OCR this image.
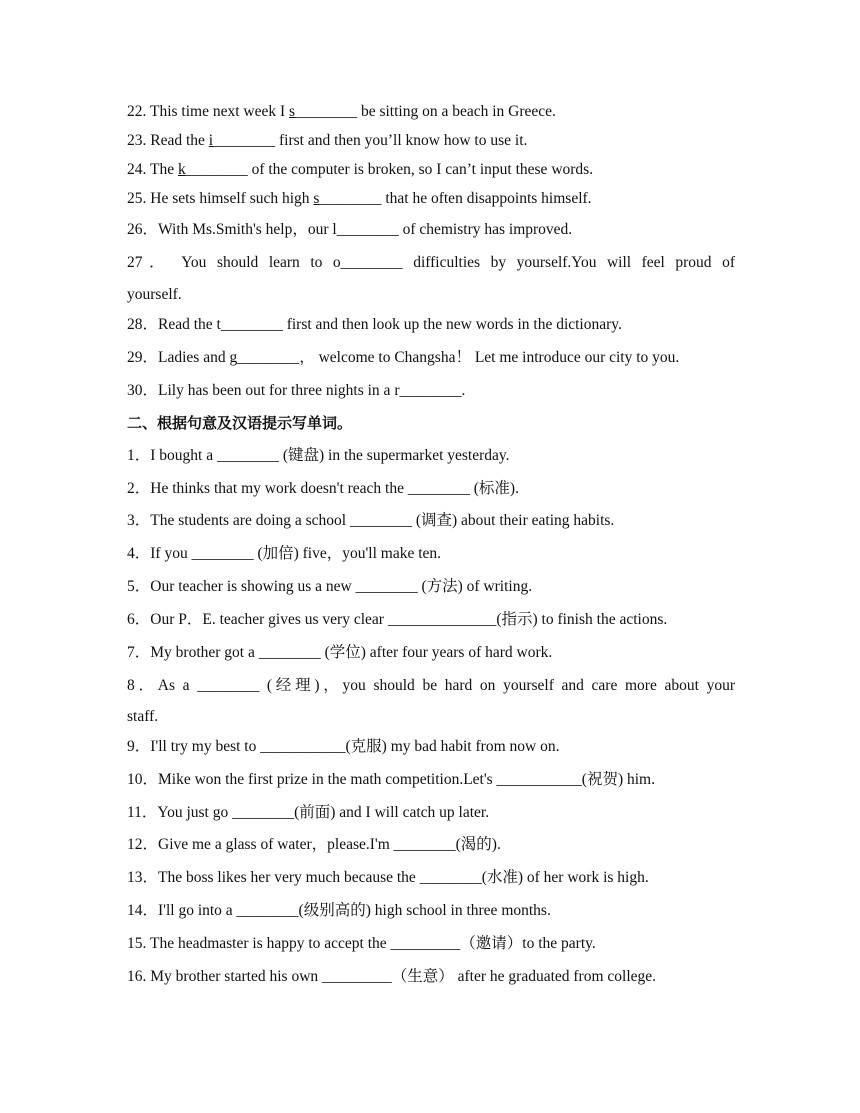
22. This time next week I s________ be sitting on a beach in Greece.
23. Read the i________ first and then you’ll know how to use it.
24. The k________ of the computer is broken, so I can’t input these words.
25. He sets himself such high s________ that he often disappoints himself.
26．With Ms.Smith's help，our l________ of chemistry has improved.
27． You should learn to o________ difficulties by yourself.You will feel proud of
yourself.
28．Read the t________ first and then look up the new words in the dictionary.
29．Ladies and g________， welcome to Changsha！ Let me introduce our city to you.
30．Lily has been out for three nights in a r________.
二、根据句意及汉语提示写单词。
1．I bought a ________ (键盘) in the supermarket yesterday.
2．He thinks that my work doesn't reach the ________ (标准).
3．The students are doing a school ________ (调查) about their eating habits.
4．If you ________ (加倍) five，you'll make ten.
5．Our teacher is showing us a new ________ (方法) of writing.
6．Our P．E. teacher gives us very clear ______________(指示) to finish the actions.
7．My brother got a ________ (学位) after four years of hard work.
8．As a ________ (经理)，you should be hard on yourself and care more about your
staff.
9．I'll try my best to ___________(克服) my bad habit from now on.
10．Mike won the first prize in the math competition.Let's ___________(祝贺) him.
11．You just go ________(前面) and I will catch up later.
12．Give me a glass of water，please.I'm ________(渴的).
13．The boss likes her very much because the ________(水准) of her work is high.
14．I'll go into a ________(级别高的) high school in three months.
15. The headmaster is happy to accept the _________（邀请）to the party.
16. My brother started his own _________（生意） after he graduated from college.
